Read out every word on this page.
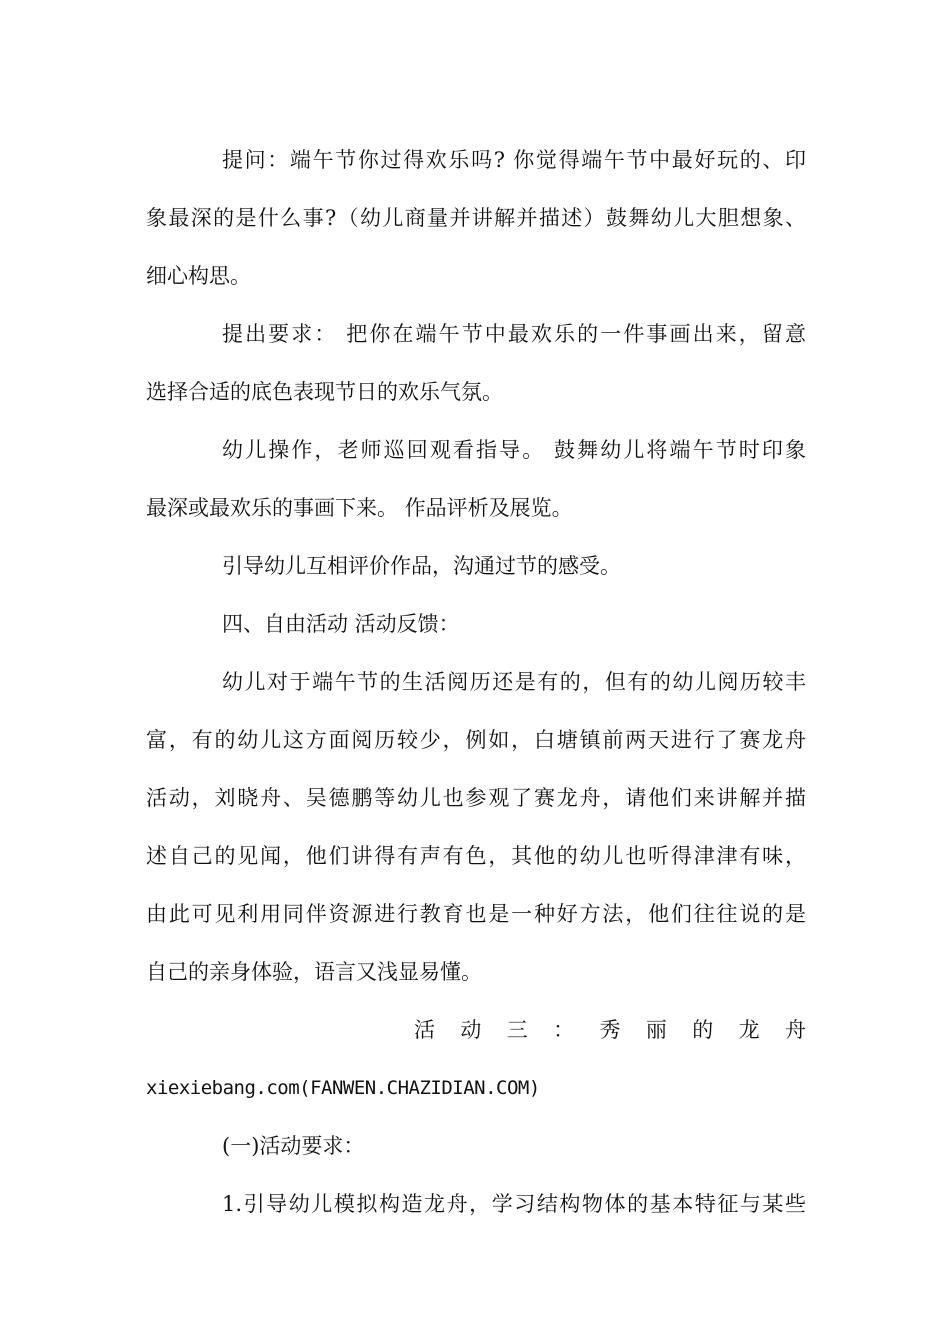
提问：端午节你过得欢乐吗? 你觉得端午节中最好玩的、印
象最深的是什么事?（幼儿商量并讲解并描述）鼓舞幼儿大胆想象、
细心构思。
提出要求： 把你在端午节中最欢乐的一件事画出来，留意
选择合适的底色表现节日的欢乐气氛。
幼儿操作，老师巡回观看指导。 鼓舞幼儿将端午节时印象
最深或最欢乐的事画下来。 作品评析及展览。
引导幼儿互相评价作品，沟通过节的感受。
四、自由活动 活动反馈：
幼儿对于端午节的生活阅历还是有的，但有的幼儿阅历较丰
富，有的幼儿这方面阅历较少，例如，白塘镇前两天进行了赛龙舟
活动，刘晓舟、吴德鹏等幼儿也参观了赛龙舟，请他们来讲解并描
述自己的见闻，他们讲得有声有色，其他的幼儿也听得津津有味，
由此可见利用同伴资源进行教育也是一种好方法，他们往往说的是
自己的亲身体验，语言又浅显易懂。
活 动 三 ： 秀 丽 的 龙 舟
xiexiebang.com(FANWEN.CHAZIDIAN.COM)
(一)活动要求：
1.引导幼儿模拟构造龙舟，学习结构物体的基本特征与某些
